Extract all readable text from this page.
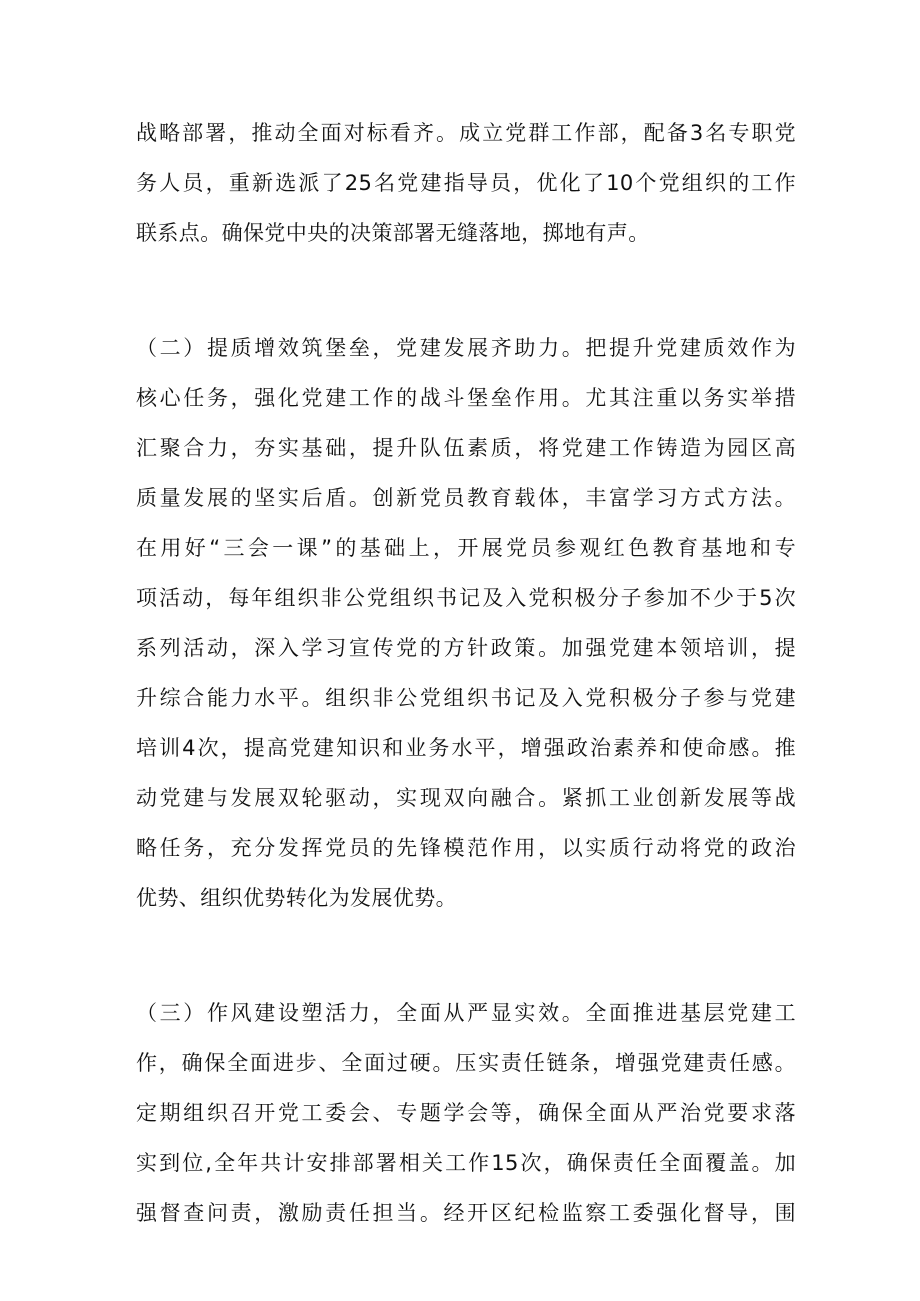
战略部署，推动全面对标看齐。成立党群工作部，配备3名专职党
务人员，重新选派了25名党建指导员，优化了10个党组织的工作
联系点。确保党中央的决策部署无缝落地，掷地有声。
（二）提质增效筑堡垒，党建发展齐助力。把提升党建质效作为
核心任务，强化党建工作的战斗堡垒作用。尤其注重以务实举措
汇聚合力，夯实基础，提升队伍素质，将党建工作铸造为园区高
质量发展的坚实后盾。创新党员教育载体，丰富学习方式方法。
在用好“三会一课”的基础上，开展党员参观红色教育基地和专
项活动，每年组织非公党组织书记及入党积极分子参加不少于5次
系列活动，深入学习宣传党的方针政策。加强党建本领培训，提
升综合能力水平。组织非公党组织书记及入党积极分子参与党建
培训4次，提高党建知识和业务水平，增强政治素养和使命感。推
动党建与发展双轮驱动，实现双向融合。紧抓工业创新发展等战
略任务，充分发挥党员的先锋模范作用，以实质行动将党的政治
优势、组织优势转化为发展优势。
（三）作风建设塑活力，全面从严显实效。全面推进基层党建工
作，确保全面进步、全面过硬。压实责任链条，增强党建责任感。
定期组织召开党工委会、专题学会等，确保全面从严治党要求落
实到位,全年共计安排部署相关工作15次，确保责任全面覆盖。加
强督查问责，激励责任担当。经开区纪检监察工委强化督导，围
